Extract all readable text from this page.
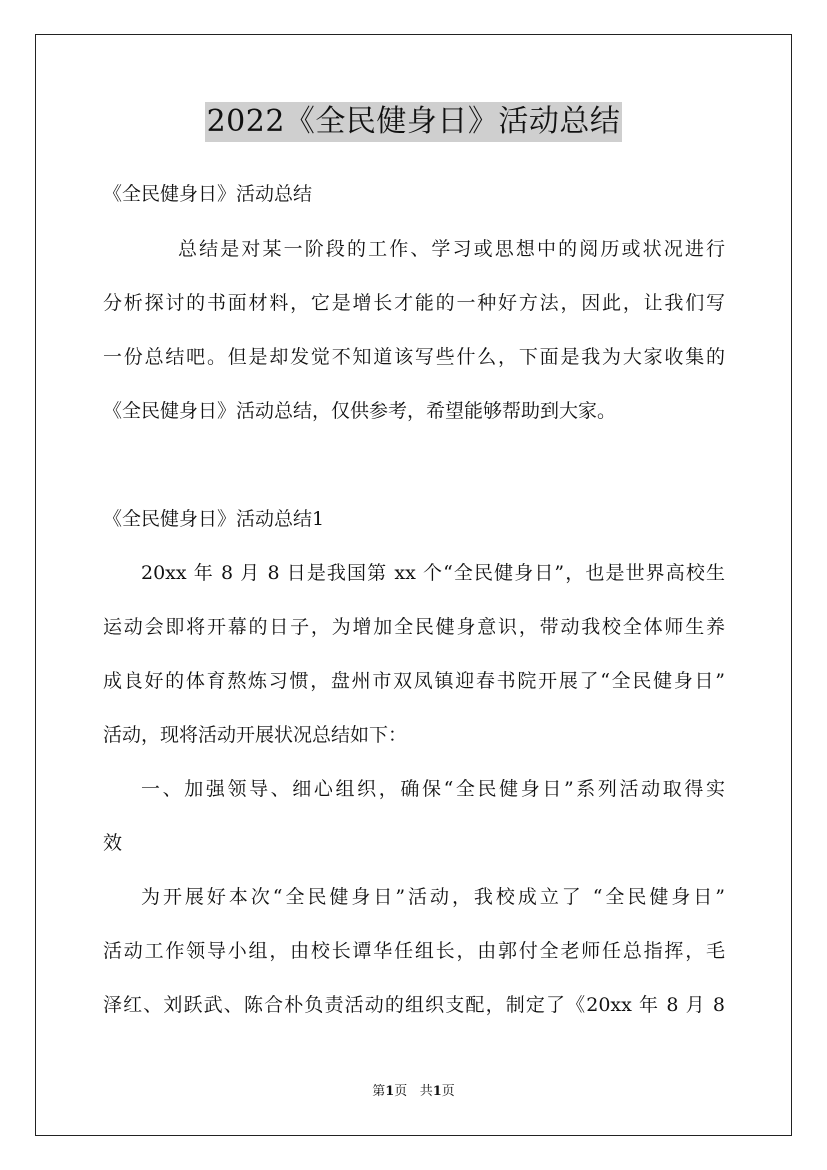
2022《全民健身日》活动总结
《全民健身日》活动总结
总结是对某一阶段的工作、学习或思想中的阅历或状况进行
分析探讨的书面材料，它是增长才能的一种好方法，因此，让我们写
一份总结吧。但是却发觉不知道该写些什么，下面是我为大家收集的
《全民健身日》活动总结，仅供参考，希望能够帮助到大家。
《全民健身日》活动总结1
20xx 年 8 月 8 日是我国第 xx 个“全民健身日”，也是世界高校生
运动会即将开幕的日子，为增加全民健身意识，带动我校全体师生养
成良好的体育熬炼习惯，盘州市双凤镇迎春书院开展了“全民健身日”
活动，现将活动开展状况总结如下：
一、加强领导、细心组织，确保“全民健身日”系列活动取得实
效
为开展好本次“全民健身日”活动，我校成立了 “全民健身日”
活动工作领导小组，由校长谭华任组长，由郭付全老师任总指挥，毛
泽红、刘跃武、陈合朴负责活动的组织支配，制定了《20xx 年 8 月 8
第1页 共1页
